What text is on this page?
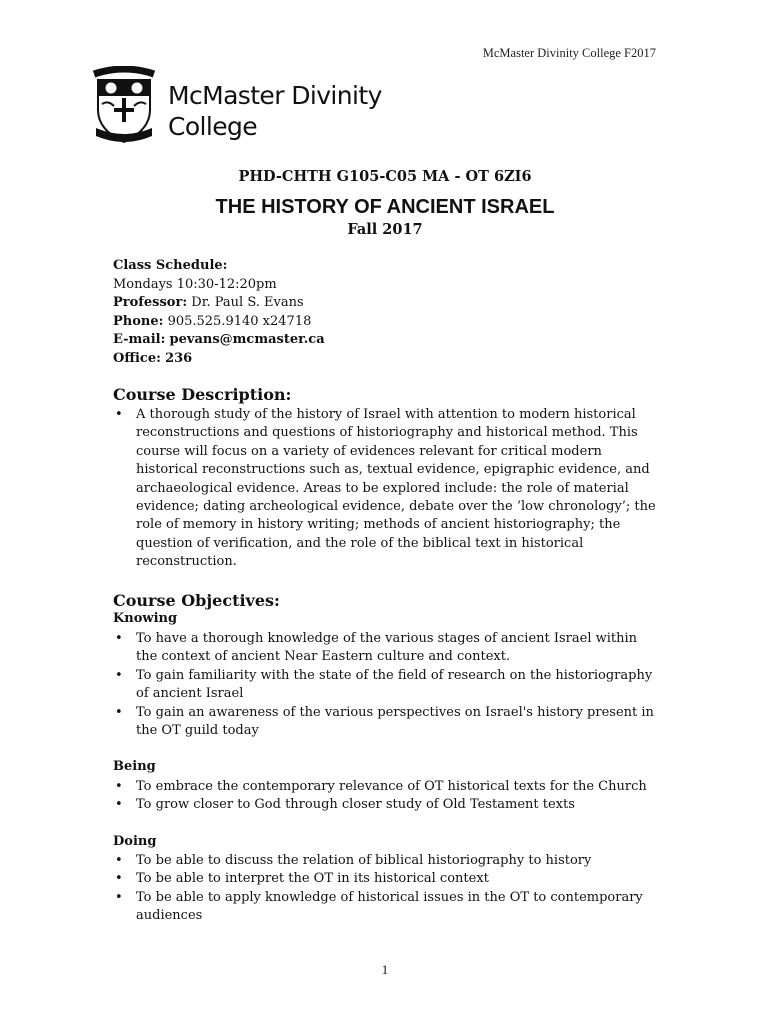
McMaster Divinity College F2017
McMaster Divinity
College
PHD-CHTH G105-C05 MA - OT 6ZI6
THE HISTORY OF ANCIENT ISRAEL
Fall 2017
Class Schedule:
Mondays 10:30-12:20pm
Professor: Dr. Paul S. Evans
Phone: 905.525.9140 x24718
E-mail: pevans@mcmaster.ca
Office: 236
Course Description:
• A thorough study of the history of Israel with attention to modern historical reconstructions and questions of historiography and historical method. This course will focus on a variety of evidences relevant for critical modern historical reconstructions such as, textual evidence, epigraphic evidence, and archaeological evidence. Areas to be explored include: the role of material evidence; dating archeological evidence, debate over the ‘low chronology’; the role of memory in history writing; methods of ancient historiography; the question of verification, and the role of the biblical text in historical reconstruction.
Course Objectives:
Knowing
• To have a thorough knowledge of the various stages of ancient Israel within the context of ancient Near Eastern culture and context.
• To gain familiarity with the state of the field of research on the historiography of ancient Israel
• To gain an awareness of the various perspectives on Israel's history present in the OT guild today
Being
• To embrace the contemporary relevance of OT historical texts for the Church
• To grow closer to God through closer study of Old Testament texts
Doing
• To be able to discuss the relation of biblical historiography to history
• To be able to interpret the OT in its historical context
• To be able to apply knowledge of historical issues in the OT to contemporary audiences
1
